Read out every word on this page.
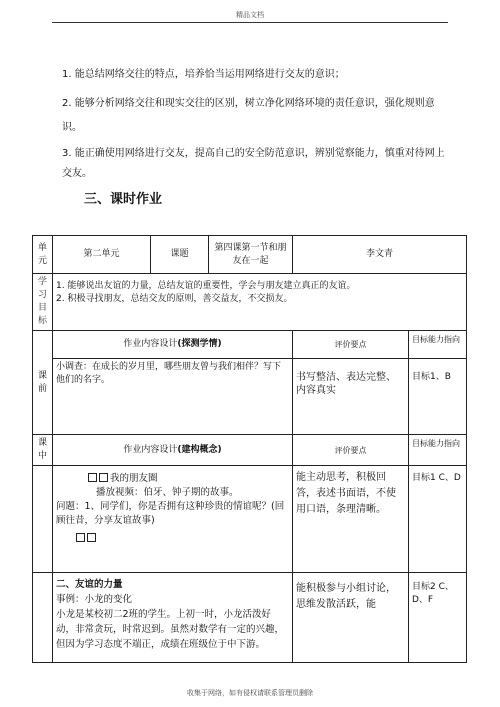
精品文档
1. 能总结网络交往的特点，培养恰当运用网络进行交友的意识；
2. 能够分析网络交往和现实交往的区别，树立净化网络环境的责任意识，强化规则意识。
3. 能正确使用网络进行交友，提高自己的安全防范意识，辨别觉察能力，慎重对待网上交友。
三、课时作业
单元	第二单元	课题	第四课第一节和朋友在一起	李文青	
学习目标	1. 能够说出友谊的力量，总结友谊的重要性，学会与朋友建立真正的友谊。
2. 积极寻找朋友，总结交友的原则，善交益友，不交损友。				

课前	作业内容设计(探测学情)			评价要点	目标能力指向
	小调查：在成长的岁月里，哪些朋友曾与我们相伴？写下他们的名字。			书写整洁、表达完整、内容真实	目标1、B
课中	作业内容设计(建构概念)			评价要点	目标能力指向

	我的朋友圈
播放视频：伯牙、钟子期的故事。
问题：1、同学们，你是否拥有这种珍贵的情谊呢？(回顾往昔，分享友谊故事)			能主动思考，积极回答，表述书面语，不使用口语，条理清晰。	目标1 C、D

	二、友谊的力量
事例：小龙的变化
小龙是某校初二2班的学生。上初一时，小龙活泼好动，非常贪玩，时常迟到。虽然对数学有一定的兴趣，但因为学习态度不端正，成绩在班级位于中下游。			能积极参与小组讨论，思维发散活跃，能	目标2 C、D、F
收集于网络，如有侵权请联系管理员删除
